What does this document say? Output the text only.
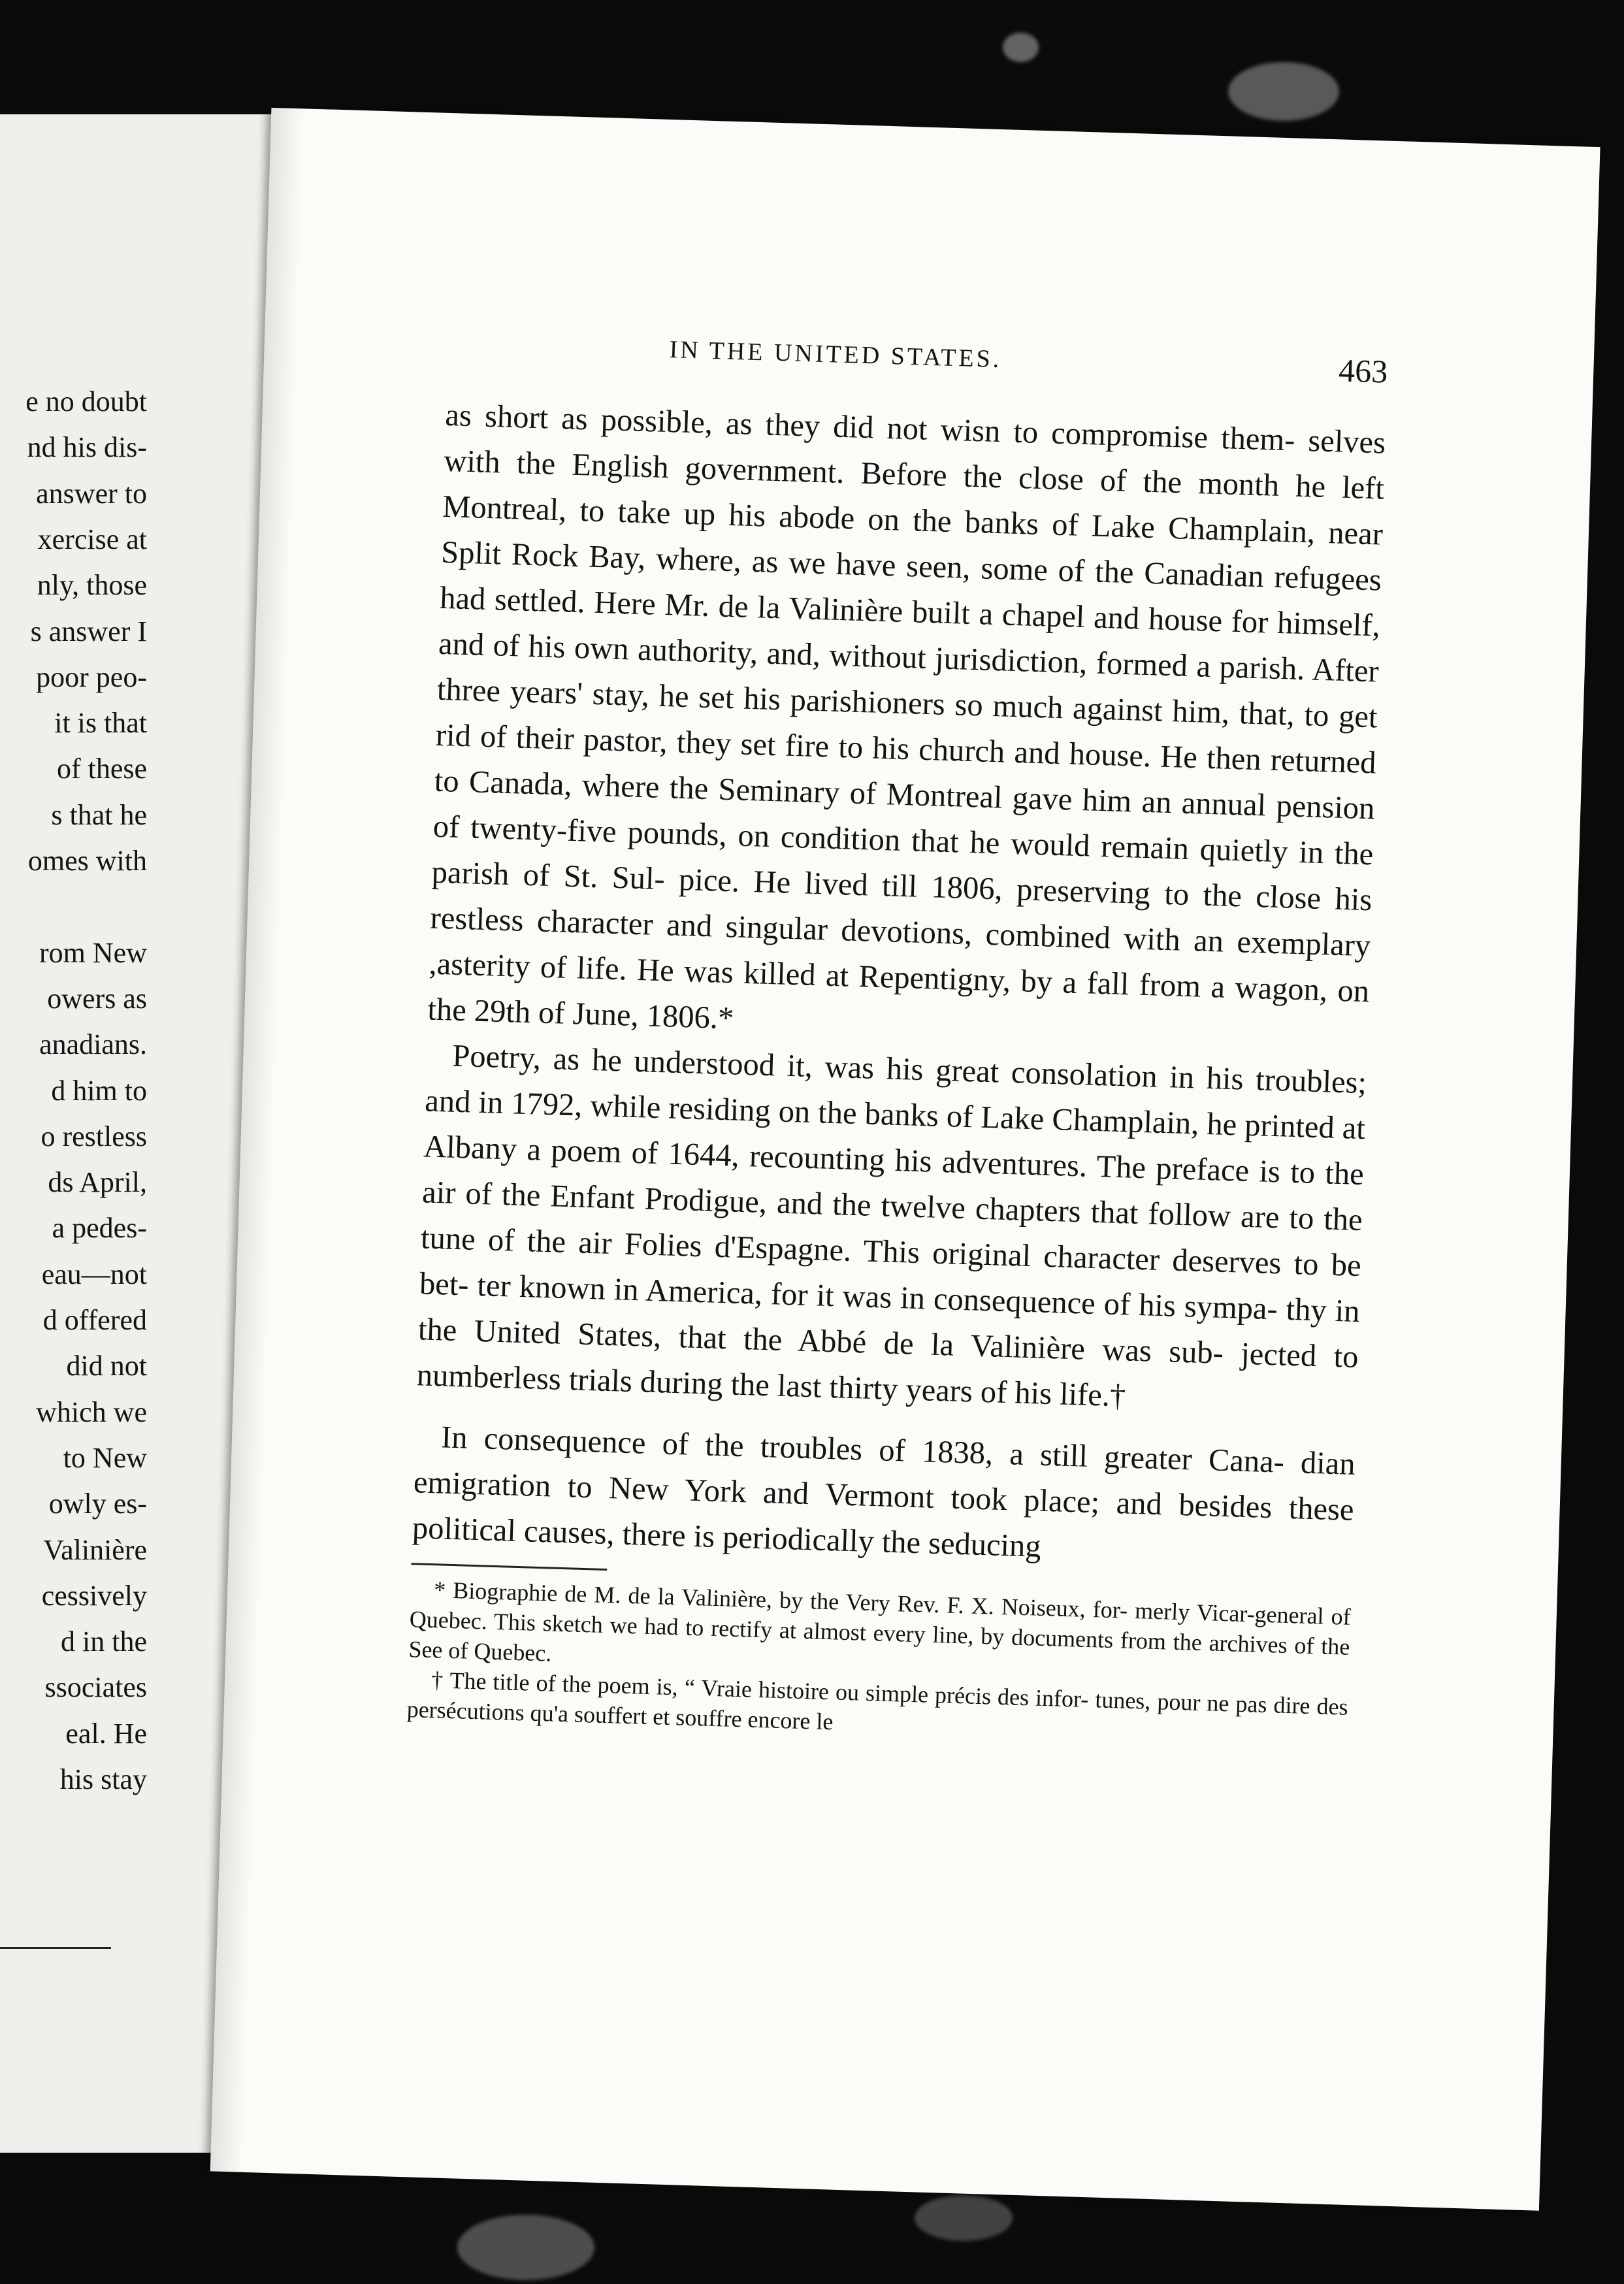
e no doubt
nd his dis-
answer to
xercise at
nly, those
s answer I
poor peo-
it is that
of these
s that he
omes with
rom New
owers as
anadians.
d him to
o restless
ds April,
a pedes-
eau—not
d offered
did not
which we
to New
owly es-
Valinière
cessively
d in the
ssociates
eal. He
his stay
IN THE UNITED STATES.	463

as short as possible, as they did not wisn to compromise them- selves with the English government. Before the close of the month he left Montreal, to take up his abode on the banks of Lake Champlain, near Split Rock Bay, where, as we have seen, some of the Canadian refugees had settled. Here Mr. de la Valinière built a chapel and house for himself, and of his own authority, and, without jurisdiction, formed a parish. After three years' stay, he set his parishioners so much against him, that, to get rid of their pastor, they set fire to his church and house. He then returned to Canada, where the Seminary of Montreal gave him an annual pension of twenty-five pounds, on condition that he would remain quietly in the parish of St. Sul- pice. He lived till 1806, preserving to the close his restless character and singular devotions, combined with an exemplary ,asterity of life. He was killed at Repentigny, by a fall from a wagon, on the 29th of June, 1806.*

Poetry, as he understood it, was his great consolation in his troubles; and in 1792, while residing on the banks of Lake Champlain, he printed at Albany a poem of 1644, recounting his adventures. The preface is to the air of the Enfant Prodigue, and the twelve chapters that follow are to the tune of the air Folies d'Espagne. This original character deserves to be bet- ter known in America, for it was in consequence of his sympa- thy in the United States, that the Abbé de la Valinière was sub- jected to numberless trials during the last thirty years of his life.†

In consequence of the troubles of 1838, a still greater Cana- dian emigration to New York and Vermont took place; and besides these political causes, there is periodically the seducing

* Biographie de M. de la Valinière, by the Very Rev. F. X. Noiseux, for- merly Vicar-general of Quebec. This sketch we had to rectify at almost every line, by documents from the archives of the See of Quebec.

† The title of the poem is, “ Vraie histoire ou simple précis des infor- tunes, pour ne pas dire des persécutions qu'a souffert et souffre encore le
